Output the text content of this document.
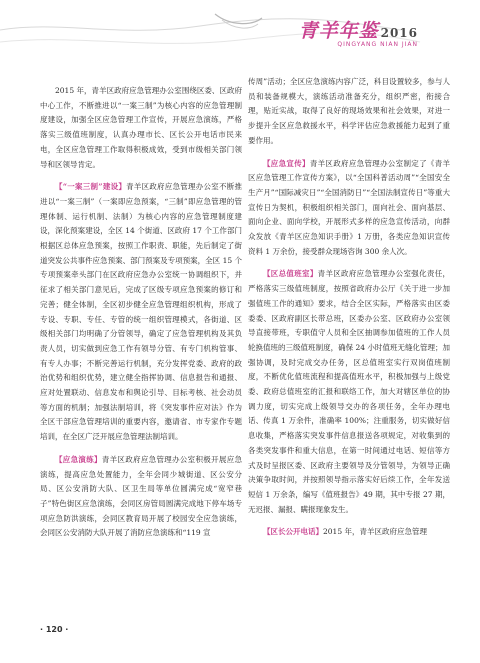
青羊年鉴 2016
QINGYANG NIAN JIAN

2015 年，青羊区政府应急管理办公室围绕区委、区政府中心工作，不断推进以“一案三制”为核心内容的应急管理制度建设，加强全区应急管理工作宣传，开展应急演练，严格落实三级值班制度，认真办理市长、区长公开电话市民来电，全区应急管理工作取得积极成效，受到市级相关部门领导和区领导肯定。

【“一案三制”建设】青羊区政府应急管理办公室不断推进以“一案三制”（一案即应急预案，“三制”即应急管理的管理体制、运行机制、法制）为核心内容的应急管理制度建设，深化预案建设，全区 14 个街道、区政府 17 个工作部门根据区总体应急预案，按照工作职责、职能，先后制定了街道突发公共事件应急预案、部门预案及专项预案，全区 15 个专项预案牵头部门在区政府应急办公室统一协调组织下，并征求了相关部门意见后，完成了区级专项应急预案的修订和完善；健全体制，全区初步健全应急管理组织机构，形成了专设、专职、专任、专管的统一组织管理模式，各街道、区级相关部门均明确了分管领导，确定了应急管理机构及其负责人员，切实做到应急工作有领导分管、有专门机构管事、有专人办事；不断完善运行机制，充分发挥党委、政府的政治优势和组织优势，建立健全指挥协调、信息报告和通报、应对处置联动、信息发布和舆论引导、目标考核、社会动员等方面的机制；加强法制培训，将《突发事件应对法》作为全区干部应急管理培训的重要内容，邀请省、市专家作专题培训，在全区广泛开展应急管理法制培训。

【应急演练】青羊区政府应急管理办公室积极开展应急演练，提高应急处置能力，全年会同少城街道、区公安分局、区公安消防大队、区卫生局等单位圆满完成“宽窄巷子”特色街区应急演练，会同区房管局圆满完成地下停车场专项应急防洪演练，会同区教育局开展了校园安全应急演练，会同区公安消防大队开展了消防应急演练和“119 宣

传周”活动；全区应急演练内容广泛，科目设置较多，参与人员和装备规模大，演练活动准备充分，组织严密，衔接合理，贴近实战，取得了良好的现场效果和社会效果，对进一步提升全区应急救援水平，科学评估应急救援能力起到了重要作用。

【应急宣传】青羊区政府应急管理办公室制定了《青羊区应急管理工作宣传方案》，以“全国科普活动周”“全国安全生产月”“国际减灾日”“全国消防日”“全国法制宣传日”等重大宣传日为契机，积极组织相关部门，面向社会、面向基层、面向企业、面向学校，开展形式多样的应急宣传活动，向群众发放《青羊区应急知识手册》1 万册，各类应急知识宣传资料 1 万余份，接受群众现场咨询 300 余人次。

【区总值班室】青羊区政府应急管理办公室强化责任，严格落实三级值班制度，按照省政府办公厅《关于进一步加强值班工作的通知》要求，结合全区实际，严格落实由区委委委、区政府副区长带总班，区委办公室、区政府办公室领导直接带班，专职值守人员和全区抽调参加值班的工作人员轮换值班的三级值班制度，确保 24 小时值班无缝化管理；加强协调，及时完成交办任务，区总值班室实行双岗值班制度，不断优化值班流程和提高值班水平，积极加强与上级党委、政府总值班室的汇报和联络工作，加大对辖区单位的协调力度，切实完成上级领导交办的各项任务，全年办理电话、传真 1 万余件，准确率 100%；注重服务，切实做好信息收集，严格落实突发事件信息报送各项规定，对收集到的各类突发事件和重大信息，在第一时间通过电话、短信等方式及时呈报区委、区政府主要领导及分管领导，为领导正确决策争取时间，并按照领导指示落实好后续工作，全年发送短信 1 万余条，编写《值班报告》49 期，其中专报 27 期，无迟报、漏报、瞒报现象发生。

【区长公开电话】2015 年，青羊区政府应急管理

· 120 ·
